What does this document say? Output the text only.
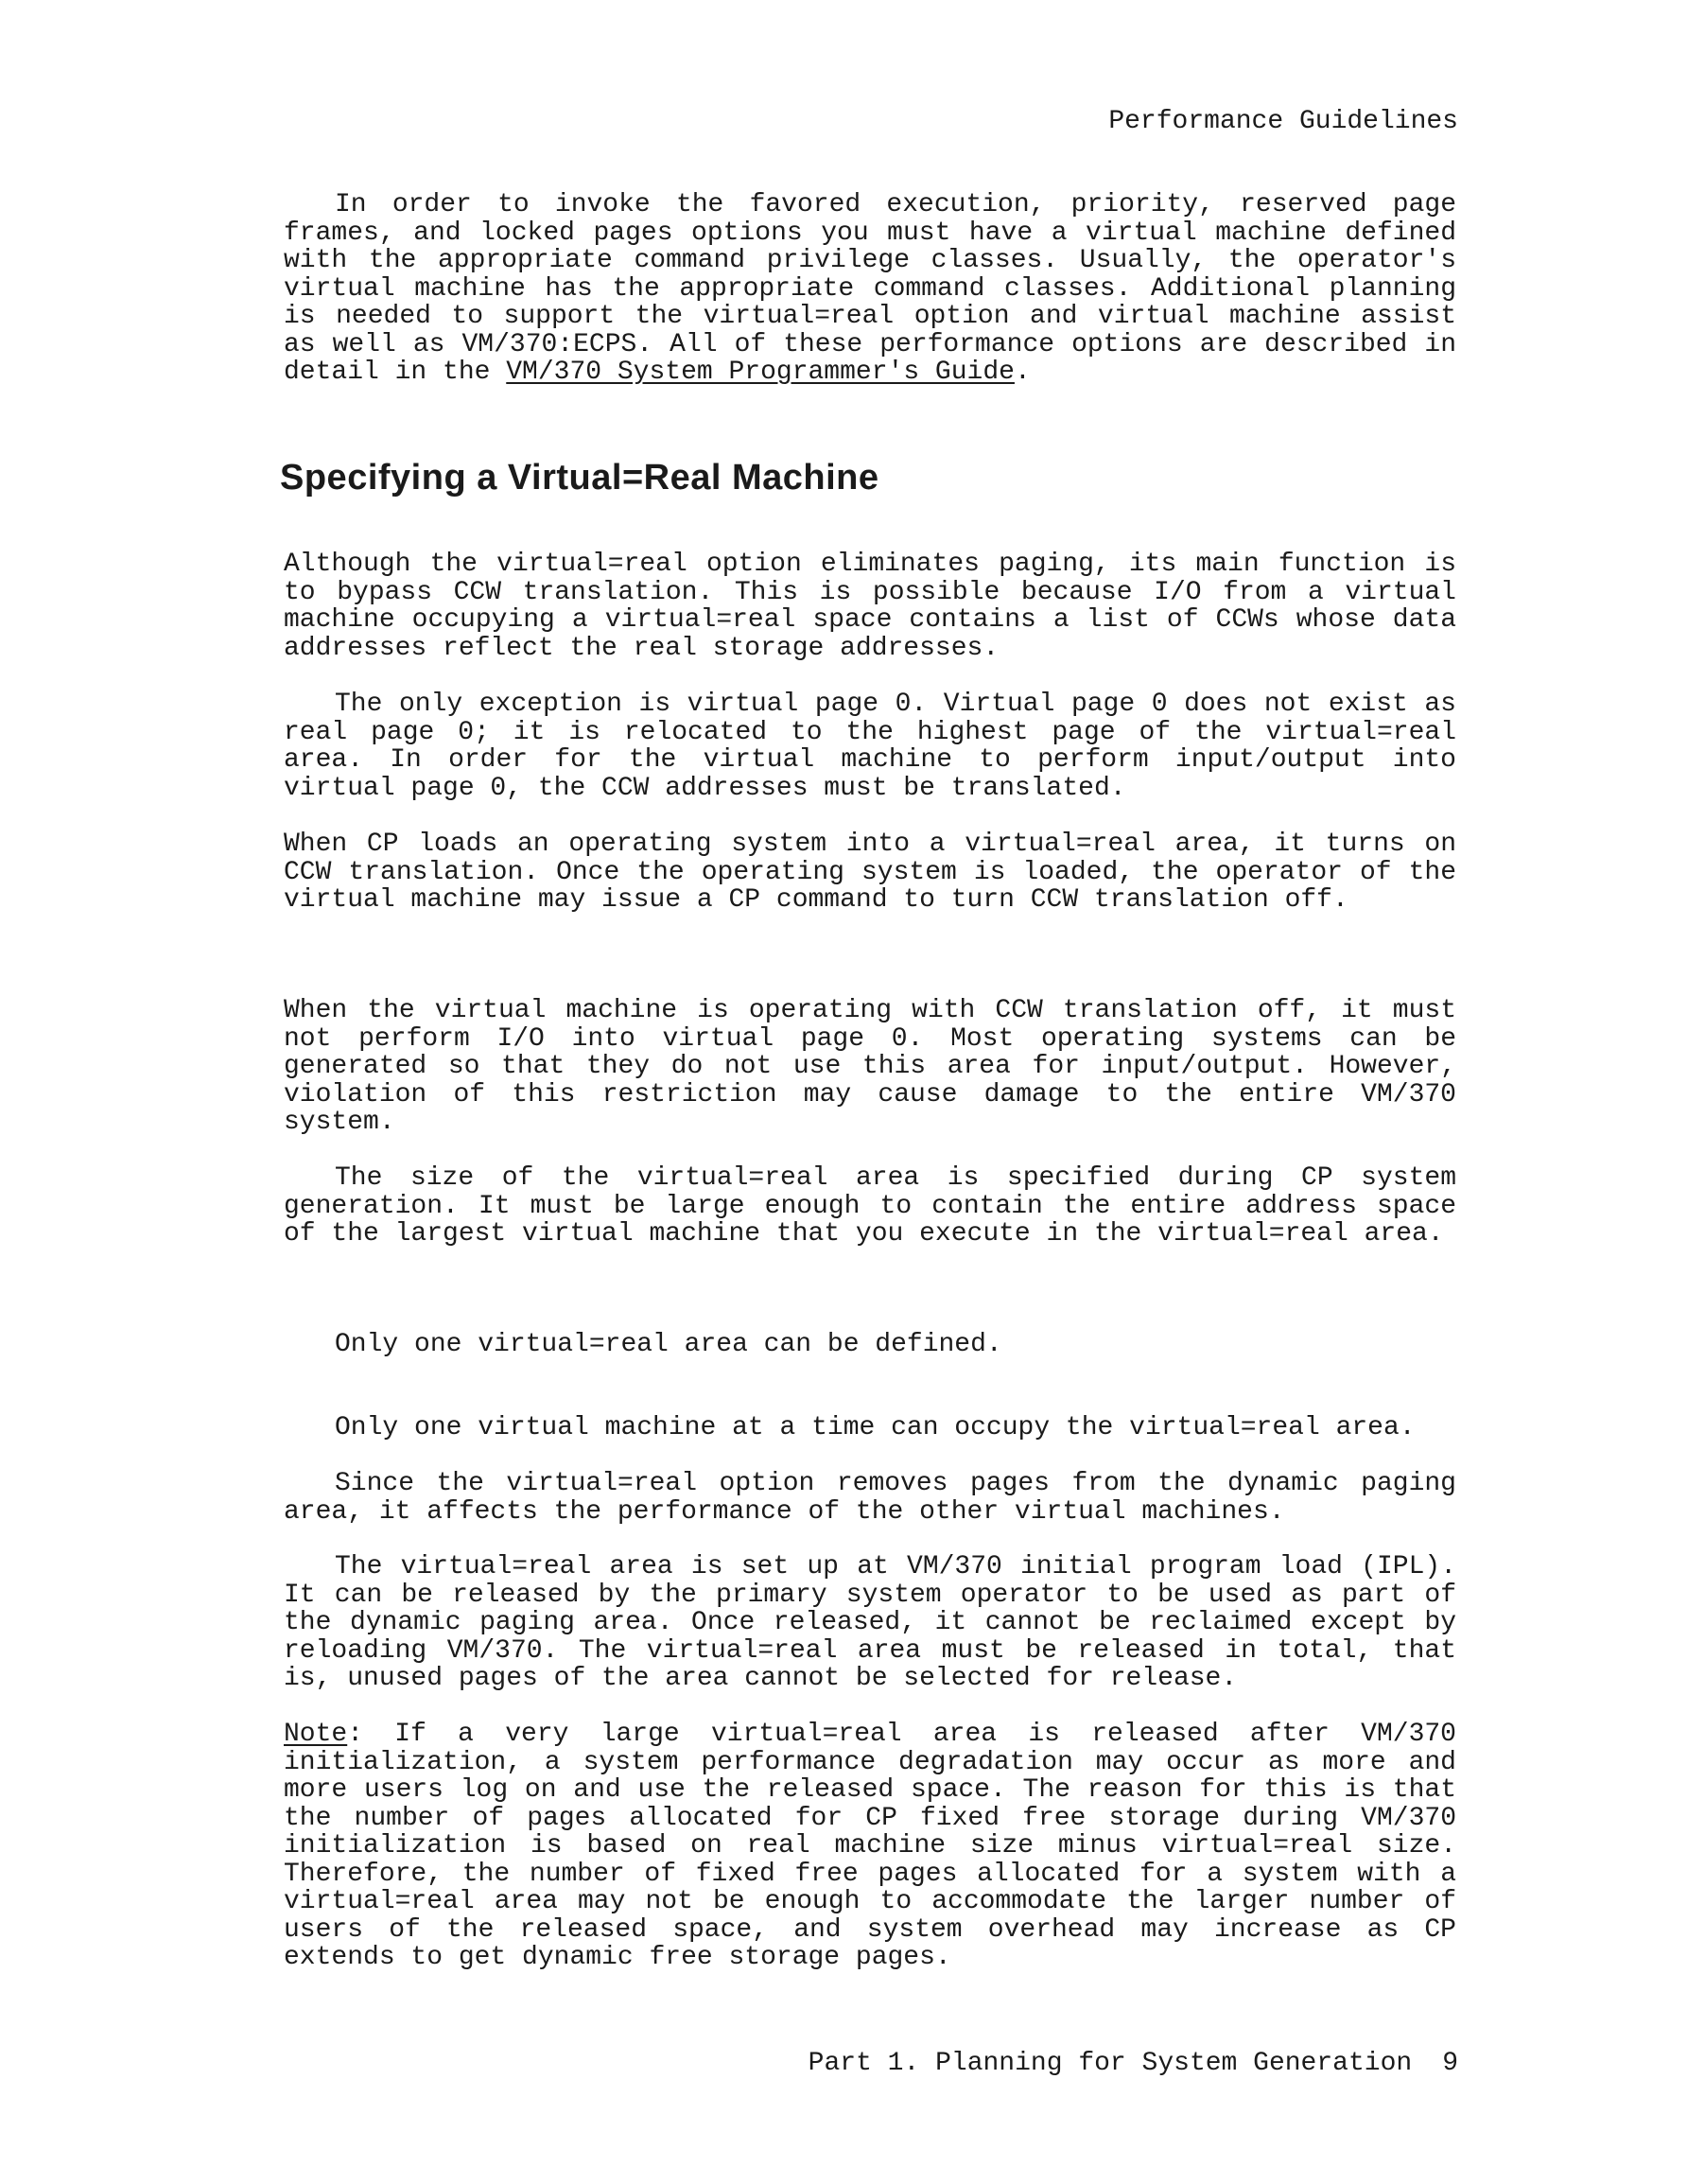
Performance Guidelines

In order to invoke the favored execution, priority, reserved page frames, and locked pages options you must have a virtual machine defined with the appropriate command privilege classes. Usually, the operator's virtual machine has the appropriate command classes. Additional planning is needed to support the virtual=real option and virtual machine assist as well as VM/370:ECPS. All of these performance options are described in detail in the VM/370 System Programmer's Guide.

Specifying a Virtual=Real Machine

Although the virtual=real option eliminates paging, its main function is to bypass CCW translation. This is possible because I/O from a virtual machine occupying a virtual=real space contains a list of CCWs whose data addresses reflect the real storage addresses.

The only exception is virtual page 0. Virtual page 0 does not exist as real page 0; it is relocated to the highest page of the virtual=real area. In order for the virtual machine to perform input/output into virtual page 0, the CCW addresses must be translated.

When CP loads an operating system into a virtual=real area, it turns on CCW translation. Once the operating system is loaded, the operator of the virtual machine may issue a CP command to turn CCW translation off.

When the virtual machine is operating with CCW translation off, it must not perform I/O into virtual page 0. Most operating systems can be generated so that they do not use this area for input/output. However, violation of this restriction may cause damage to the entire VM/370 system.

The size of the virtual=real area is specified during CP system generation. It must be large enough to contain the entire address space of the largest virtual machine that you execute in the virtual=real area.

Only one virtual=real area can be defined.

Only one virtual machine at a time can occupy the virtual=real area.

Since the virtual=real option removes pages from the dynamic paging area, it affects the performance of the other virtual machines.

The virtual=real area is set up at VM/370 initial program load (IPL). It can be released by the primary system operator to be used as part of the dynamic paging area. Once released, it cannot be reclaimed except by reloading VM/370. The virtual=real area must be released in total, that is, unused pages of the area cannot be selected for release.

Note: If a very large virtual=real area is released after VM/370 initialization, a system performance degradation may occur as more and more users log on and use the released space. The reason for this is that the number of pages allocated for CP fixed free storage during VM/370 initialization is based on real machine size minus virtual=real size. Therefore, the number of fixed free pages allocated for a system with a virtual=real area may not be enough to accommodate the larger number of users of the released space, and system overhead may increase as CP extends to get dynamic free storage pages.

Part 1. Planning for System Generation 9
